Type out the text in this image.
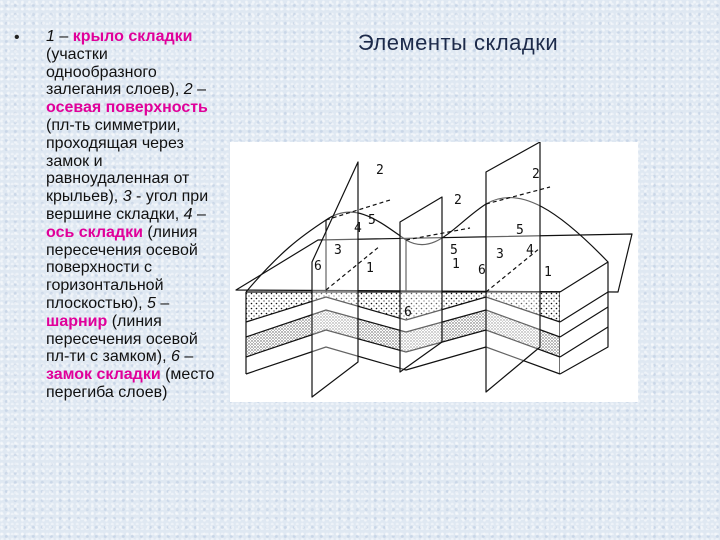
• 1 – крыло складки (участки однообразного залегания слоев), 2 – осевая поверхность (пл-ть симметрии, проходящая через замок и равноудаленная от крыльев), 3 - угол при вершине складки, 4 – ось складки (линия пересечения осевой поверхности с горизонтальной плоскостью), 5 – шарнир (линия пересечения осевой пл-ти с замком), 6 – замок складки (место перегиба слоев)
Элементы складки
2
2
2
5
5
5
4
4
3	3
6	6
6
1	1
1
